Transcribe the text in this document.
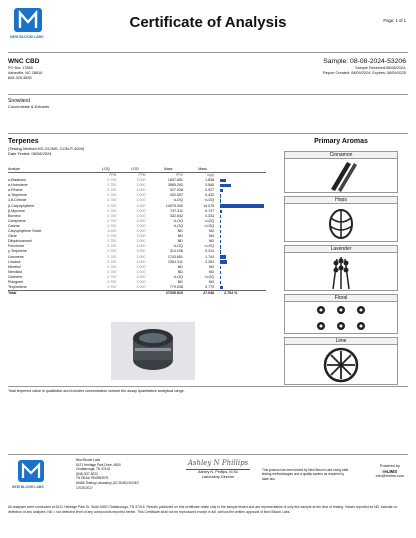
NEW BLOOM LABS
Certificate of Analysis	Page: 1 of 1
WNC CBD
PO Box 17865
Asheville, NC 28816
828-329-5835
Sample: 08-08-2024-53206
Sample Received:08/08/2024;
Report Created: 08/09/2024; Expires: 08/09/2025
Snowland
Concentrate & Extracts
Terpenes
(Testing Method:HS-GC/MS, CON-P-4000)
Date Tested: 08/08/2024
Analyte	LOQ	LOD	Mass	Mass	
	PPM	PPM	PPM	mg/g	
α-Bisabolol	0.750	3.000	1837.651	1.838	

α-Humulene	0.750	3.000	3565.292	3.565	

α-Pinene	0.750	3.000	927.028	0.927	

α-Terpinene	0.750	3.000	432.057	0.432	

1,8-Cineole	0.750	3.000	<LOQ	<LOQ	

β-Caryophyllene	0.750	3.000	14075.340	14.075	

β-Myrcene	0.750	3.000	747.311	0.747	

Borneol	0.750	3.000	332.642	0.333	

Camphene	0.750	3.000	<LOQ	<LOQ	

Carene	0.750	3.000	<LOQ	<LOQ	

Caryophyllene Oxide	3.000	3.000	ND	ND	

Citral	0.750	3.000	ND	ND	

Dihydrocarveol	0.750	3.000	ND	ND	

Fenchone	0.750	3.000	<LOQ	<LOQ	

γ-Terpinene	0.750	3.000	314.198	0.314	

Limonene	0.750	3.000	1743.651	1.744	

Linalool	0.750	3.000	2281.311	2.281	

Menthol	0.750	3.000	ND	ND	

Nerolidol	0.750	3.000	ND	ND	

Ocimene	0.750	3.000	<LOQ	<LOQ	

Pulegone	0.750	3.000	ND	ND	

Terpinolene	0.750	3.000	779.038	0.779	

Total			27035.519	27.036	2.704 %
Primary Aromas
Cinnamon
Hops
Lavender
Floral
Lime
Total terpenes value is qualitative and includes concentration outside the assay quantitative analytical range.
NEW BLOOM LABS
New Bloom Labs
6121 Heritage Park Drive, A500
Chattanooga, TN 37416
(844) 837-8223
TN DEA#: RN0563975
ANAB Testing Laboratory (AT-2848) ISO/IEC
17025:2017
Ashley N Phillips
Ashley N. Phillips, M.Sc
Laboratory Director
This product has been tested by New Bloom Labs using valid testing methodologies and a quality system as required by state law.
Powered by
reLIMS
info@relims.com
All analyses were conducted at 6121 Heritage Park Dr, Suite A500 Chattanooga, TN 37416. Results published on this certificate relate only to the sample tested and are representative of only this sample at the time of testing. Values reported as ND, indicate no detection of any analytes; ND = not detected level of any compounds reported herein. This Certificate shall not be reproduced except in full, without the written approval of New Bloom Labs.
